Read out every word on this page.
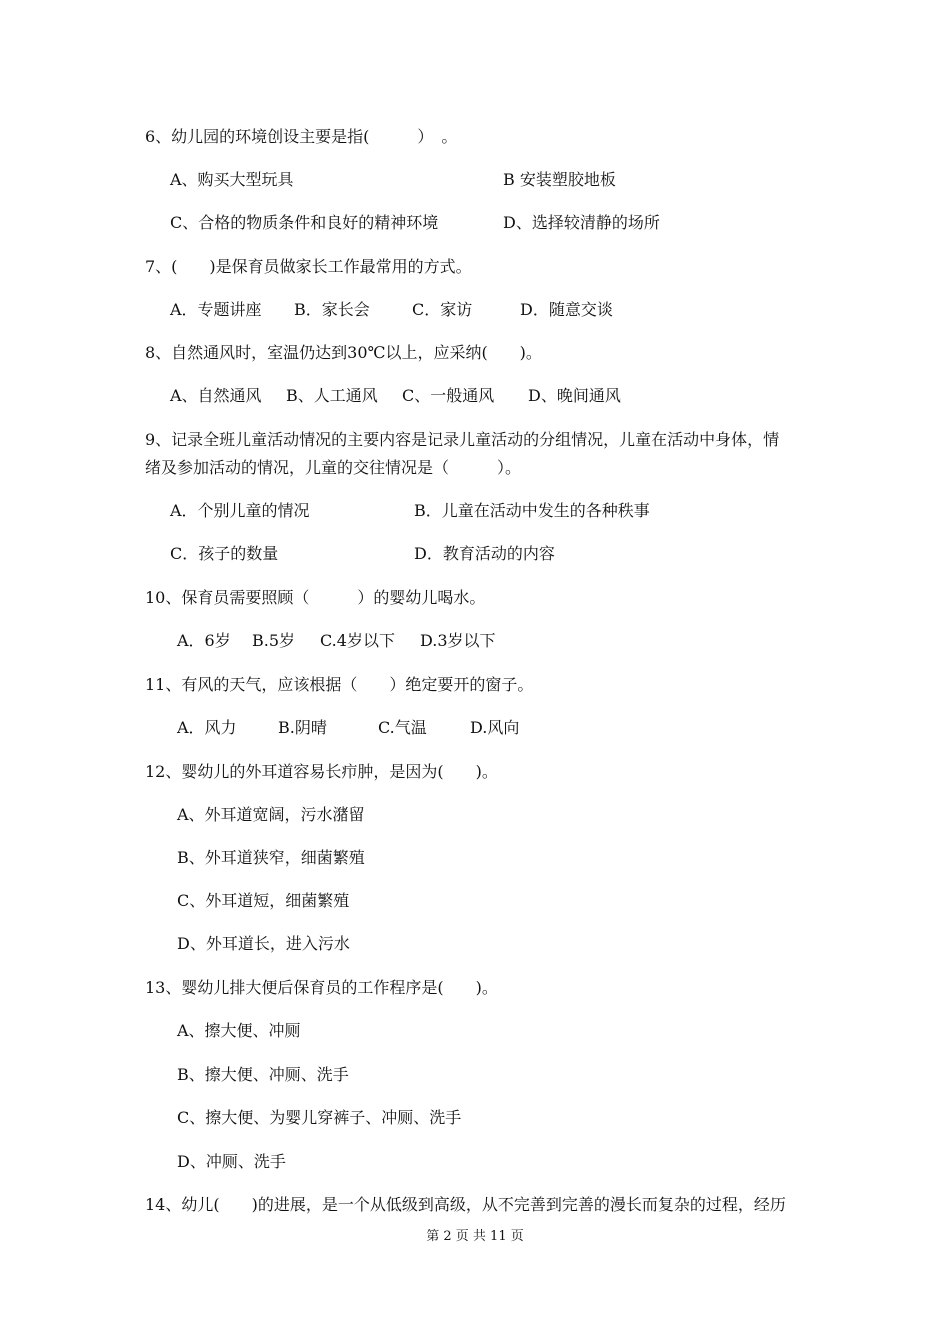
6、幼儿园的环境创设主要是指(　　　）　。
A、购买大型玩具	B 安装塑胶地板
C、合格的物质条件和良好的精神环境	D、选择较清静的场所
7、(　　)是保育员做家长工作最常用的方式。
A．专题讲座 B．家长会	C．家访	D．随意交谈
8、自然通风时，室温仍达到30℃以上，应采纳(　　)。
A、自然通风 B、人工通风 C、一般通风 D、晚间通风
9、记录全班儿童活动情况的主要内容是记录儿童活动的分组情况，儿童在活动中身体，情
绪及参加活动的情况，儿童的交往情况是（　　　）。
A．个别儿童的情况	B．儿童在活动中发生的各种秩事
C．孩子的数量	D．教育活动的内容
10、保育员需要照顾（　　　）的婴幼儿喝水。
A．6岁 B.5岁 C.4岁以下 D.3岁以下
11、有风的天气，应该根据（　　）绝定要开的窗子。
A．风力	B.阴晴	C.气温	D.风向
12、婴幼儿的外耳道容易长疖肿，是因为(　　)。
A、外耳道宽阔，污水潴留
B、外耳道狭窄，细菌繁殖
C、外耳道短，细菌繁殖
D、外耳道长，进入污水
13、婴幼儿排大便后保育员的工作程序是(　　)。
A、擦大便、冲厕
B、擦大便、冲厕、洗手
C、擦大便、为婴儿穿裤子、冲厕、洗手
D、冲厕、洗手
14、幼儿(　　)的进展，是一个从低级到高级，从不完善到完善的漫长而复杂的过程，经历
第 2 页 共 11 页
